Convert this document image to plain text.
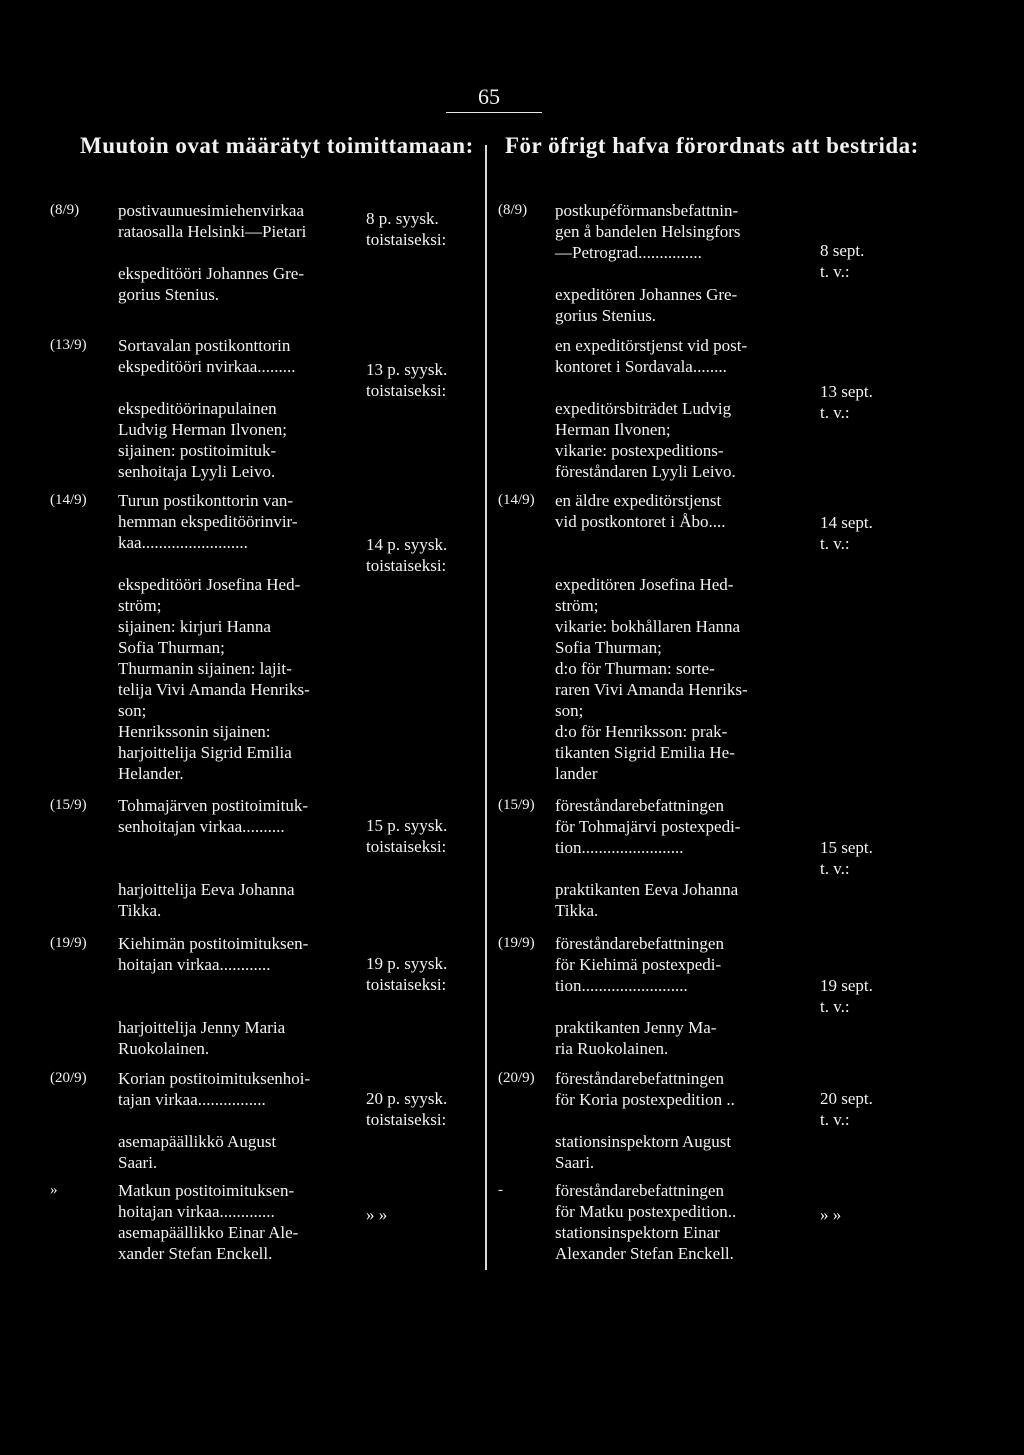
65
Muutoin ovat määrätyt toimittamaan: För öfrigt hafva förordnats att bestrida:
(8/9) postivaunuesimiehenvirkaa
rataosalla Helsinki—Pietari

ekspeditööri Johannes Gre-
gorius Stenius.
8 p. syysk.
toistaiseksi:
(13/9) Sortavalan postikonttorin
ekspeditööri nvirkaa.........

ekspeditöörinapulainen
Ludvig Herman Ilvonen;
sijainen: postitoimituk-
senhoitaja Lyyli Leivo.
13 p. syysk.
toistaiseksi:
(14/9) Turun postikonttorin van-
hemman ekspeditöörinvir-
kaa.........................

ekspeditööri Josefina Hed-
ström;
sijainen: kirjuri Hanna
Sofia Thurman;
Thurmanin sijainen: lajit-
telija Vivi Amanda Henriks-
son;
Henrikssonin sijainen:
harjoittelija Sigrid Emilia
Helander.
14 p. syysk.
toistaiseksi:
(15/9) Tohmajärven postitoimituk-
senhoitajan virkaa..........

harjoittelija Eeva Johanna
Tikka.
15 p. syysk.
toistaiseksi:
(19/9) Kiehimän postitoimituksen-
hoitajan virkaa............

harjoittelija Jenny Maria
Ruokolainen.
19 p. syysk.
toistaiseksi:
(20/9) Korian postitoimituksenhoi-
tajan virkaa................

asemapäällikkö August
Saari.
20 p. syysk.
toistaiseksi:
»	Matkun postitoimituksen-
hoitajan virkaa.............
asemapäällikko Einar Ale-
xander Stefan Enckell.
» »
(8/9) postkupéförmansbefattnin-
gen å bandelen Helsingfors
—Petrograd...............

expeditören Johannes Gre-
gorius Stenius.
8 sept.
t. v.:
en expeditörstjenst vid post-
kontoret i Sordavala........

expeditörsbiträdet Ludvig
Herman Ilvonen;
vikarie: postexpeditions-
föreståndaren Lyyli Leivo.
13 sept.
t. v.:
(14/9) en äldre expeditörstjenst
vid postkontoret i Åbo....

expeditören Josefina Hed-
ström;
vikarie: bokhållaren Hanna
Sofia Thurman;
d:o för Thurman: sorte-
raren Vivi Amanda Henriks-
son;
d:o för Henriksson: prak-
tikanten Sigrid Emilia He-
lander
14 sept.
t. v.:
(15/9) föreståndarebefattningen
för Tohmajärvi postexpedi-
tion........................

praktikanten Eeva Johanna
Tikka.
15 sept.
t. v.:
(19/9) föreståndarebefattningen
för Kiehimä postexpedi-
tion.........................

praktikanten Jenny Ma-
ria Ruokolainen.
19 sept.
t. v.:
(20/9) föreståndarebefattningen
för Koria postexpedition ..

stationsinspektorn August
Saari.
20 sept.
t. v.:
-	föreståndarebefattningen
för Matku postexpedition..
stationsinspektorn Einar
Alexander Stefan Enckell.
» »
